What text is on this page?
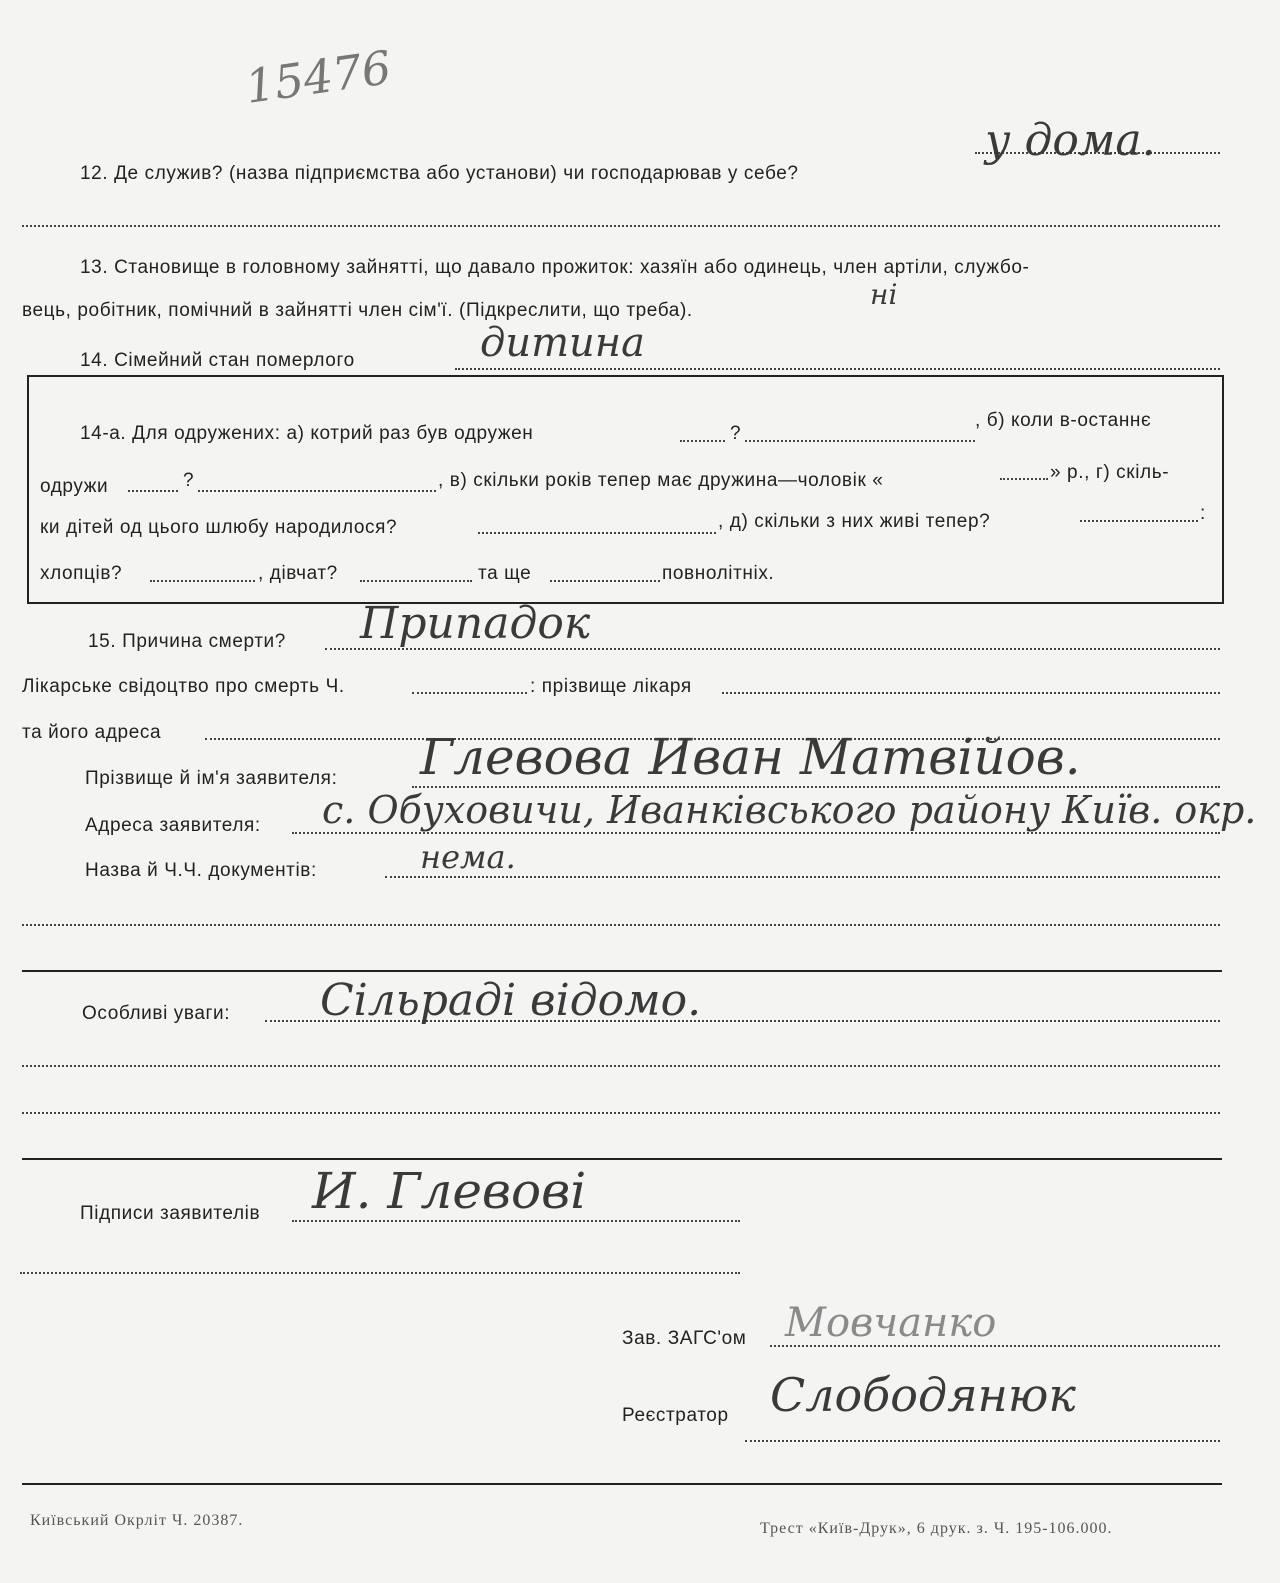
15476
12. Де служив? (назва підприємства або установи) чи господарював у себе?
у дома.
13. Становище в головному зайнятті, що давало прожиток: хазяїн або одинець, член артіли, службо-
вець, робітник, помічний в зайнятті член сім'ї. (Підкреслити, що треба).	ні
14. Сімейний стан померлого	дитина
14-а. Для одружених: а) котрий раз був одружен	?
, б) коли в-останнє
одружи	?	, в) скільки років тепер має дружина—чоловік «	» р., г) скіль-
ки дітей од цього шлюбу народилося?	, д) скільки з них живі тепер?	:
хлопців?	, дівчат?	та ще	повнолітніх.
15. Причина смерти? Припадок
Лікарське свідоцтво про смерть Ч.	: прізвище лікаря
та його адреса
Прізвище й ім'я заявителя: Глевова Иван Матвійов.
Адреса заявителя: с. Обуховичи, Иванківського району Київ. окр.
Назва й Ч.Ч. документів:	нема.
Особливі уваги: Сільраді відомо.
Підписи заявителів И. Глевові
Зав. ЗАГС'ом Мовчанко
Реєстратор Слободянюк
Київський Окрліт Ч. 20387.	Трест «Київ-Друк», 6 друк. з. Ч. 195-106.000.
